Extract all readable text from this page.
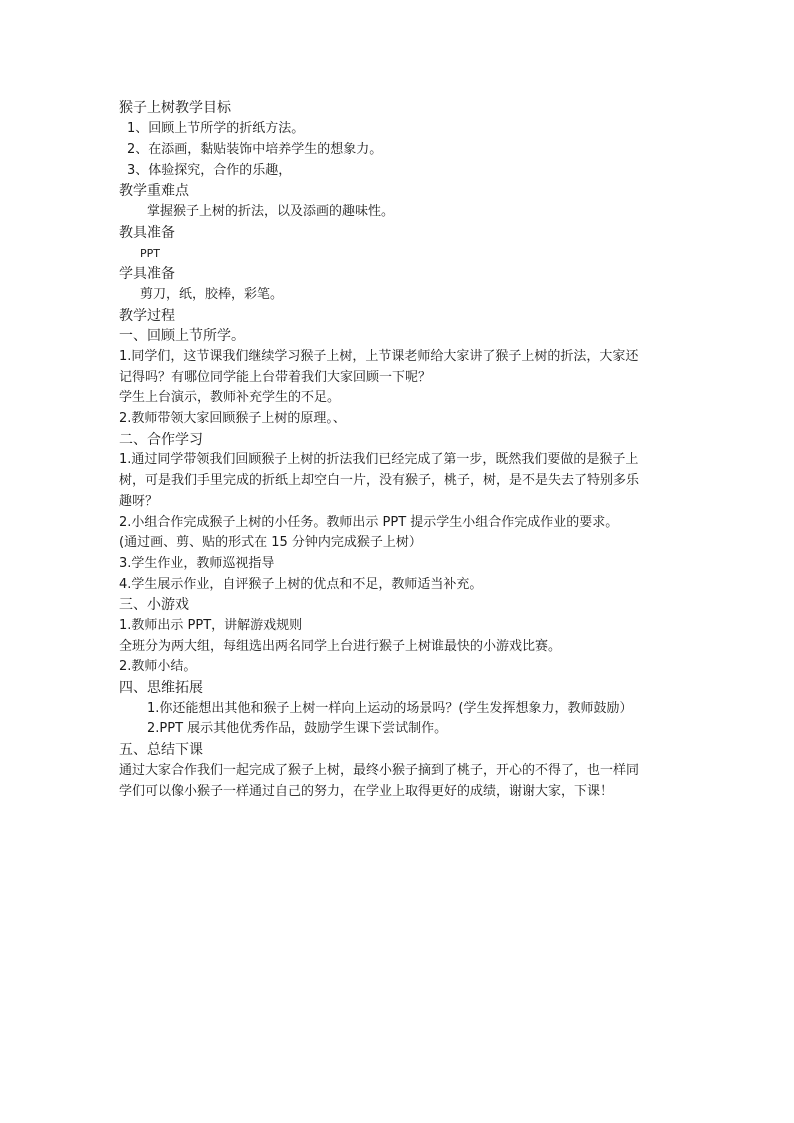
猴子上树教学目标
1、回顾上节所学的折纸方法。
2、在添画，黏贴装饰中培养学生的想象力。
3、体验探究，合作的乐趣，
教学重难点
掌握猴子上树的折法，以及添画的趣味性。
教具准备
PPT
学具准备
剪刀，纸，胶棒，彩笔。
教学过程
一、回顾上节所学。
1.同学们，这节课我们继续学习猴子上树，上节课老师给大家讲了猴子上树的折法，大家还
记得吗？有哪位同学能上台带着我们大家回顾一下呢？
学生上台演示，教师补充学生的不足。
2.教师带领大家回顾猴子上树的原理。、
二、合作学习
1.通过同学带领我们回顾猴子上树的折法我们已经完成了第一步，既然我们要做的是猴子上
树，可是我们手里完成的折纸上却空白一片，没有猴子，桃子，树，是不是失去了特别多乐
趣呀？
2.小组合作完成猴子上树的小任务。教师出示 PPT 提示学生小组合作完成作业的要求。
(通过画、剪、贴的形式在 15 分钟内完成猴子上树）
3.学生作业，教师巡视指导
4.学生展示作业，自评猴子上树的优点和不足，教师适当补充。
三、小游戏
1.教师出示 PPT，讲解游戏规则
全班分为两大组，每组选出两名同学上台进行猴子上树谁最快的小游戏比赛。
2.教师小结。
四、思维拓展
1.你还能想出其他和猴子上树一样向上运动的场景吗？(学生发挥想象力，教师鼓励）
2.PPT 展示其他优秀作品，鼓励学生课下尝试制作。
五、总结下课
通过大家合作我们一起完成了猴子上树，最终小猴子摘到了桃子，开心的不得了，也一样同
学们可以像小猴子一样通过自己的努力，在学业上取得更好的成绩，谢谢大家，下课！
